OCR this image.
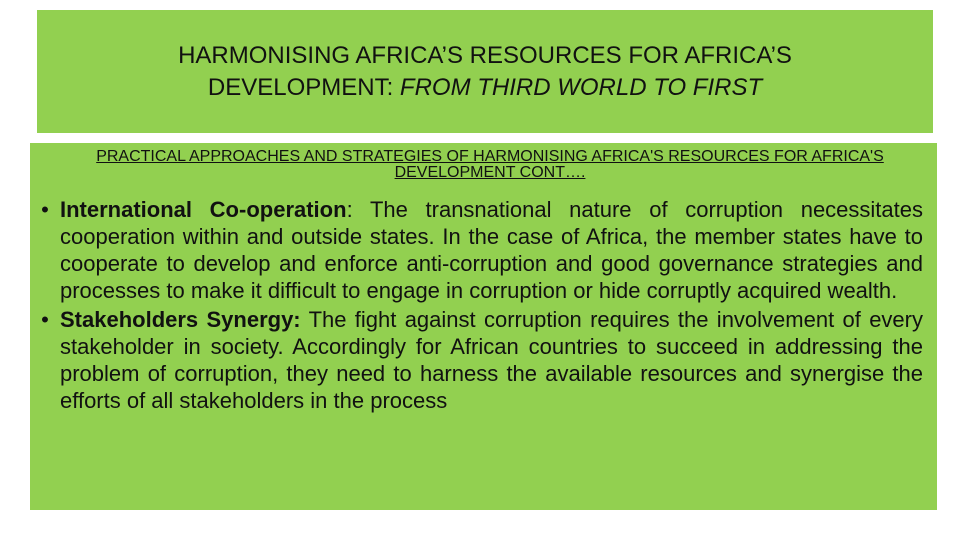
HARMONISING AFRICA’S RESOURCES FOR AFRICA’S
DEVELOPMENT: FROM THIRD WORLD TO FIRST

PRACTICAL APPROACHES AND STRATEGIES OF HARMONISING AFRICA'S RESOURCES FOR AFRICA'S DEVELOPMENT CONT….
• International Co-operation: The transnational nature of corruption necessitates cooperation within and outside states. In the case of Africa, the member states have to cooperate to develop and enforce anti-corruption and good governance strategies and processes to make it difficult to engage in corruption or hide corruptly acquired wealth.
• Stakeholders Synergy: The fight against corruption requires the involvement of every stakeholder in society. Accordingly for African countries to succeed in addressing the problem of corruption, they need to harness the available resources and synergise the efforts of all stakeholders in the process
